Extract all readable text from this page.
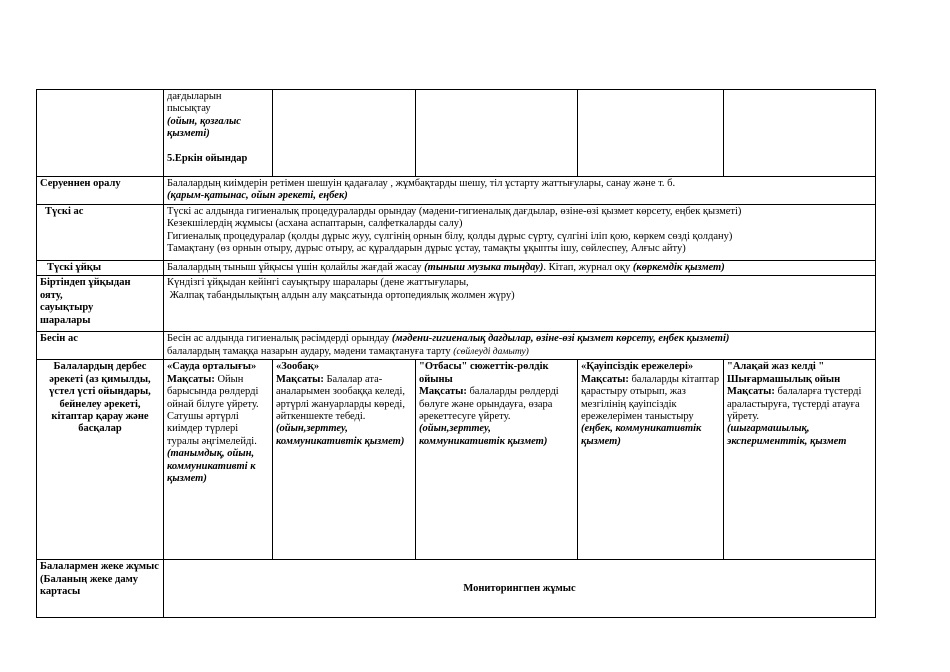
	дағдыларын
пысықтау
(ойын, қозғалыс қызметі)
5.Еркін ойындар				

Серуеннен оралу	Балалардың киімдерін ретімен шешуін қадағалау , жұмбақтарды шешу, тіл ұстарту жаттығулары, санау және т. б.
(қарым-қатынас, ойын әрекеті, еңбек)				

Түскі ас	Түскі ас алдында гигиеналық процедураларды орындау (мәдени-гигиеналық дағдылар, өзіне-өзі қызмет көрсету, еңбек қызметі)
Кезекшілердің жұмысы (асхана аспаптарын, салфеткаларды салу)
Гигиеналық процедуралар (қолды дұрыс жуу, сүлгінің орнын білу, қолды дұрыс сүрту, сүлгіні іліп қою, көркем сөзді қолдану)
Тамақтану (өз орнын отыру, дұрыс отыру, ас құралдарын дұрыс ұстау, тамақты ұқыпты ішу, сөйлеспеу, Алғыс айту)				

Түскі ұйқы	Балалардың тыныш ұйқысы үшін қолайлы жағдай жасау (тыныш музыка тыңдау). Кітап, журнал оқу (көркемдік қызмет)				

Біртіндеп ұйқыдан
ояту,
сауықтыру
шаралары	Күндізгі ұйқыдан кейінгі сауықтыру шаралары (дене жаттығулары,
Жалпақ табандылықтың алдын алу мақсатында ортопедиялық жолмен жүру)				

Бесін ас	Бесін ас алдында гигиеналық рәсімдерді орындау (мәдени-гигиеналық дағдылар, өзіне-өзі қызмет көрсету, еңбек қызметі)
балалардың тамаққа назарын аудару, мәдени тамақтануға тарту (сөйлеуді дамыту)				

Балалардың дербес әрекеті (аз қимылды, үстел үсті ойындары, бейнелеу әрекеті, кітаптар қарау және басқалар	«Сауда орталығы»
Мақсаты: Ойын барысында рөлдерді ойнай білуге үйрету. Сатушы әртүрлі киімдер түрлері туралы әңгімелейді.
(танымдық, ойын, коммуникативті к қызмет)	«Зообақ»
Мақсаты: Балалар ата-аналарымен зообаққа келеді, әртүрлі жануарларды көреді, әйткеншекте тебеді.
(ойын,зерттеу, коммуникативтік қызмет)	"Отбасы" сюжеттік-рөлдік ойыны
Мақсаты: балаларды рөлдерді бөлуге және орындауға, өзара әрекеттесуге үйрету.
(ойын,зерттеу, коммуникативтік қызмет)	«Қауіпсіздік ережелері»
Мақсаты: балаларды кітаптар қарастыру отырып, жаз мезгілінің қауіпсіздік ережелерімен таныстыру
(еңбек, коммуникативтік қызмет)	"Алақай жаз келді " Шығармашылық ойын
Мақсаты: балаларға түстерді араластыруға, түстерді атауға үйрету.
(шығармашылық, эксперименттік, қызмет

Балалармен жеке жұмыс (Баланың жеке даму картасы	Мониторингпен жұмыс				
